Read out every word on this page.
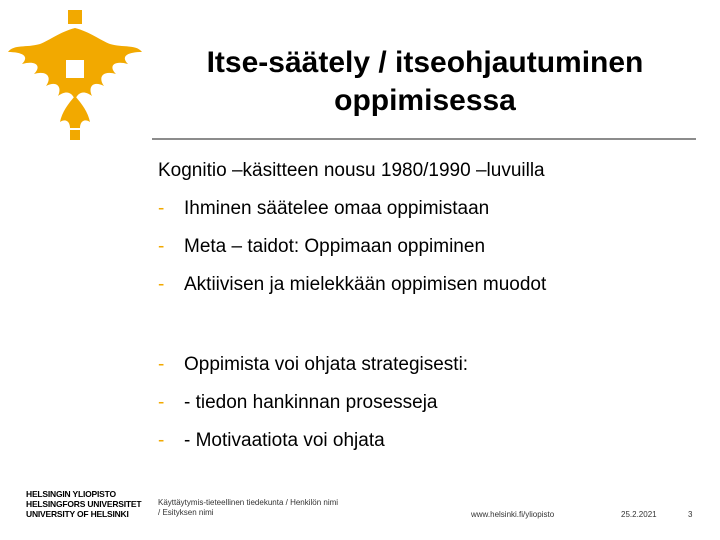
Itse-säätely / itseohjautuminen
oppimisessa
Kognitio –käsitteen nousu 1980/1990 –luvuilla
-	Ihminen säätelee omaa oppimistaan
-	Meta – taidot: Oppimaan oppiminen
-	Aktiivisen ja mielekkään oppimisen muodot
-	Oppimista voi ohjata strategisesti:
-	- tiedon hankinnan prosesseja
-	- Motivaatiota voi ohjata
HELSINGIN YLIOPISTO
HELSINGFORS UNIVERSITET
UNIVERSITY OF HELSINKI
Käyttäytymis-tieteellinen tiedekunta / Henkilön nimi
/ Esityksen nimi	www.helsinki.fi/yliopisto	25.2.2021	3
